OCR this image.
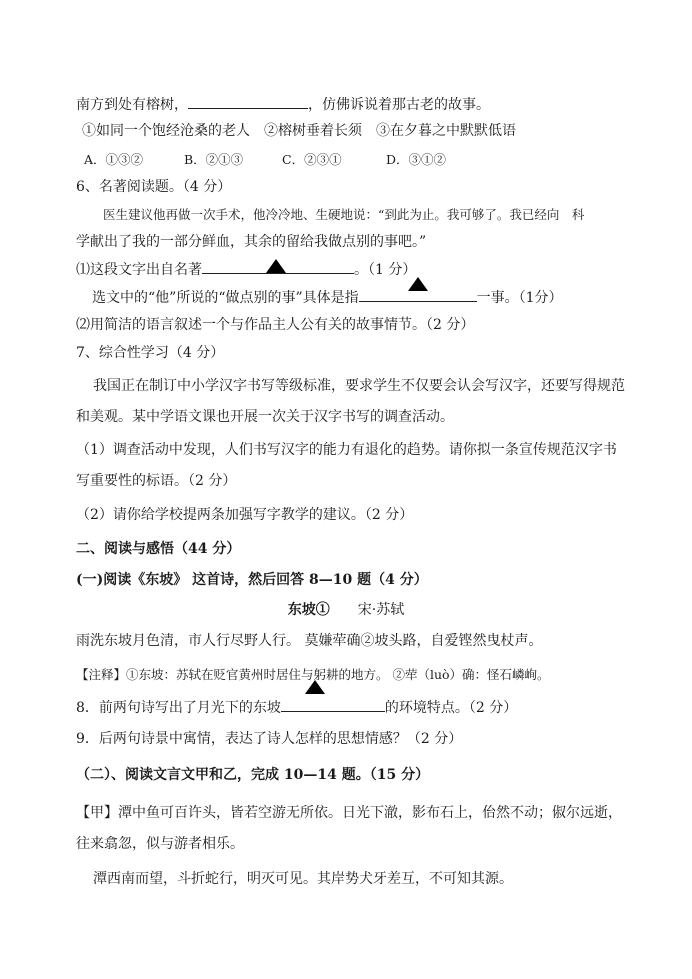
南方到处有榕树，	，仿佛诉说着那古老的故事。
①如同一个饱经沧桑的老人　②榕树垂着长须　③在夕暮之中默默低语
A．①③②	B．②①③	C．②③①	D．③①②
6、名著阅读题。（4 分）
医生建议他再做一次手术，他冷冷地、生硬地说：“到此为止。我可够了。我已经向　科
学献出了我的一部分鲜血，其余的留给我做点别的事吧。”
⑴这段文字出自名著	。（1 分）
选文中的“他”所说的“做点别的事”具体是指	一事。（1分）
⑵用简洁的语言叙述一个与作品主人公有关的故事情节。（2 分）
7、综合性学习（4 分）
我国正在制订中小学汉字书写等级标准，要求学生不仅要会认会写汉字，还要写得规范
和美观。某中学语文课也开展一次关于汉字书写的调查活动。
（1）调查活动中发现，人们书写汉字的能力有退化的趋势。请你拟一条宣传规范汉字书
写重要性的标语。（2 分）
（2）请你给学校提两条加强写字教学的建议。（2 分）
二、阅读与感悟（44 分）
(一)阅读《东坡》 这首诗，然后回答 8—10 题（4 分）
东坡① 宋·苏轼
雨洗东坡月色清，市人行尽野人行。 莫嫌荦确②坡头路，自爱铿然曳杖声。
【注释】①东坡：苏轼在贬官黄州时居住与躬耕的地方。 ②荦（luò）确：怪石嶙峋。
8．前两句诗写出了月光下的东坡	的环境特点。（2 分）
9．后两句诗景中寓情，表达了诗人怎样的思想情感？（2 分）
（二）、阅读文言文甲和乙，完成 10—14 题。（15 分）
【甲】潭中鱼可百许头，皆若空游无所依。日光下澈，影布石上，佁然不动；俶尔远逝，
往来翕忽，似与游者相乐。
潭西南而望，斗折蛇行，明灭可见。其岸势犬牙差互，不可知其源。
